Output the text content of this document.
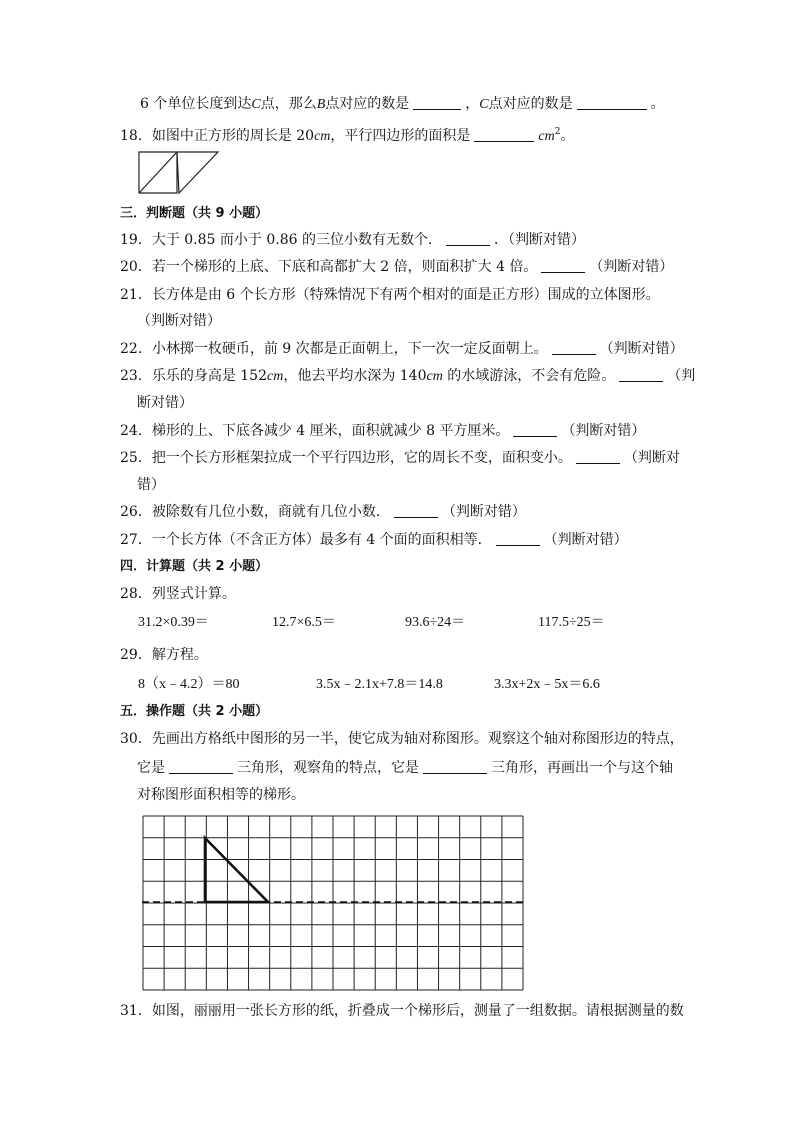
6 个单位长度到达C点，那么B点对应的数是	，C点对应的数是	。
18．如图中正方形的周长是 20cm，平行四边形的面积是	$cm^2$。
三．判断题（共 9 小题）
19．大于 0.85 而小于 0.86 的三位小数有无数个．	．（判断对错）
20．若一个梯形的上底、下底和高都扩大 2 倍，则面积扩大 4 倍。	（判断对错）
21．长方体是由 6 个长方形（特殊情况下有两个相对的面是正方形）围成的立体图形。
（判断对错）
22．小林掷一枚硬币，前 9 次都是正面朝上，下一次一定反面朝上。	（判断对错）
23．乐乐的身高是 152cm，他去平均水深为 140cm 的水域游泳，不会有危险。	（判
断对错）
24．梯形的上、下底各减少 4 厘米，面积就减少 8 平方厘米。	（判断对错）
25．把一个长方形框架拉成一个平行四边形，它的周长不变，面积变小。	（判断对
错）
26．被除数有几位小数，商就有几位小数．	（判断对错）
27．一个长方体（不含正方体）最多有 4 个面的面积相等．	（判断对错）
四．计算题（共 2 小题）
28．列竖式计算。
31.2×0.39＝	12.7×6.5＝	93.6÷24＝	117.5÷25＝
29．解方程。
8（x﹣4.2）＝80	3.5x﹣2.1x+7.8＝14.8	3.3x+2x﹣5x＝6.6
五．操作题（共 2 小题）
30．先画出方格纸中图形的另一半，使它成为轴对称图形。观察这个轴对称图形边的特点，
它是	三角形，观察角的特点，它是	三角形，再画出一个与这个轴
对称图形面积相等的梯形。
31．如图，丽丽用一张长方形的纸，折叠成一个梯形后，测量了一组数据。请根据测量的数
